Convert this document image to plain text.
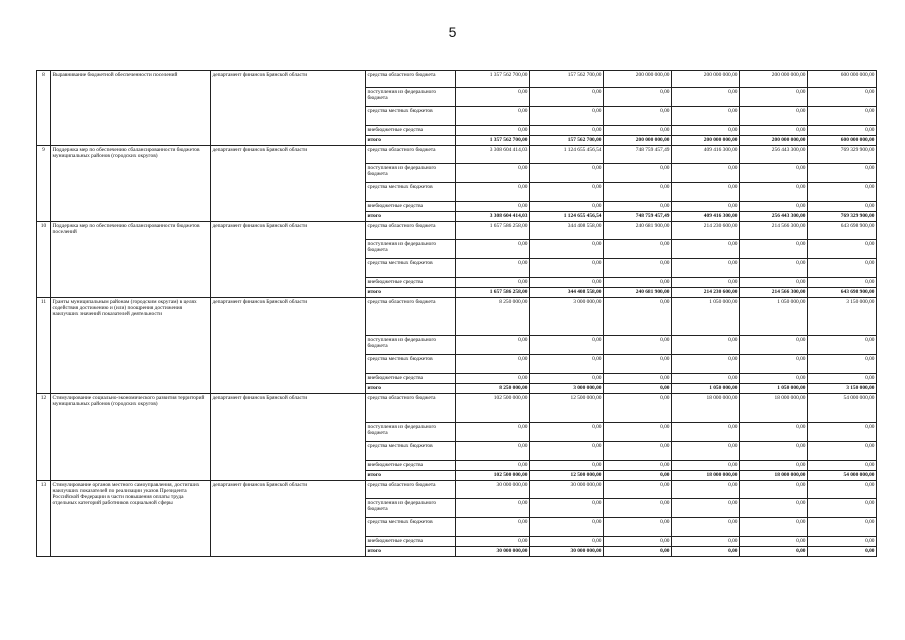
5
8	Выравнивание бюджетной обеспеченности поселений	департамент финансов Брянской области	средства областного бюджета	1 357 562 700,00	157 562 700,00	200 000 000,00	200 000 000,00	200 000 000,00	600 000 000,00
			поступления из федерального бюджета	0,00	0,00	0,00	0,00	0,00	0,00
			средства местных бюджетов	0,00	0,00	0,00	0,00	0,00	0,00
			внебюджетные средства	0,00	0,00	0,00	0,00	0,00	0,00
			итого	1 357 562 700,00	157 562 700,00	200 000 000,00	200 000 000,00	200 000 000,00	600 000 000,00
9	Поддержка мер по обеспечению сбалансированности бюджетов муниципальных районов (городских округов)	департамент финансов Брянской области	средства областного бюджета	3 308 604 414,03	1 124 655 456,54	748 759 457,49	409 416 300,00	256 443 300,00	769 329 900,00
			поступления из федерального бюджета	0,00	0,00	0,00	0,00	0,00	0,00
			средства местных бюджетов	0,00	0,00	0,00	0,00	0,00	0,00
			внебюджетные средства	0,00	0,00	0,00	0,00	0,00	0,00
			итого	3 308 604 414,03	1 124 655 456,54	748 759 457,49	409 416 300,00	256 443 300,00	769 329 900,00
10	Поддержка мер по обеспечению сбалансированности бюджетов поселений	департамент финансов Брянской области	средства областного бюджета	1 657 586 258,00	344 408 558,00	240 681 900,00	214 230 600,00	214 566 300,00	643 698 900,00
			поступления из федерального бюджета	0,00	0,00	0,00	0,00	0,00	0,00
			средства местных бюджетов	0,00	0,00	0,00	0,00	0,00	0,00
			внебюджетные средства	0,00	0,00	0,00	0,00	0,00	0,00
			итого	1 657 586 258,00	344 408 558,00	240 681 900,00	214 230 600,00	214 566 300,00	643 698 900,00
11	Гранты муниципальным районам (городским округам) в целях содействия достижению и (или) поощрения достижения наилучших значений показателей деятельности	департамент финансов Брянской области	средства областного бюджета	8 250 000,00	3 000 000,00	0,00	1 050 000,00	1 050 000,00	3 150 000,00
			поступления из федерального бюджета	0,00	0,00	0,00	0,00	0,00	0,00
			средства местных бюджетов	0,00	0,00	0,00	0,00	0,00	0,00
			внебюджетные средства	0,00	0,00	0,00	0,00	0,00	0,00
			итого	8 250 000,00	3 000 000,00	0,00	1 050 000,00	1 050 000,00	3 150 000,00
12	Стимулирование социально-экономического развития территорий муниципальных районов (городских округов)	департамент финансов Брянской области	средства областного бюджета	102 500 000,00	12 500 000,00	0,00	18 000 000,00	18 000 000,00	54 000 000,00
			поступления из федерального бюджета	0,00	0,00	0,00	0,00	0,00	0,00
			средства местных бюджетов	0,00	0,00	0,00	0,00	0,00	0,00
			внебюджетные средства	0,00	0,00	0,00	0,00	0,00	0,00
			итого	102 500 000,00	12 500 000,00	0,00	18 000 000,00	18 000 000,00	54 000 000,00
13	Стимулирование органов местного самоуправления, достигших наилучших показателей по реализации указов Президента Российской Федерации в части повышения оплаты труда отдельных категорий работников социальной сферы	департамент финансов Брянской области	средства областного бюджета	30 000 000,00	30 000 000,00	0,00	0,00	0,00	0,00
			поступления из федерального бюджета	0,00	0,00	0,00	0,00	0,00	0,00
			средства местных бюджетов	0,00	0,00	0,00	0,00	0,00	0,00
			внебюджетные средства	0,00	0,00	0,00	0,00	0,00	0,00
			итого	30 000 000,00	30 000 000,00	0,00	0,00	0,00	0,00
